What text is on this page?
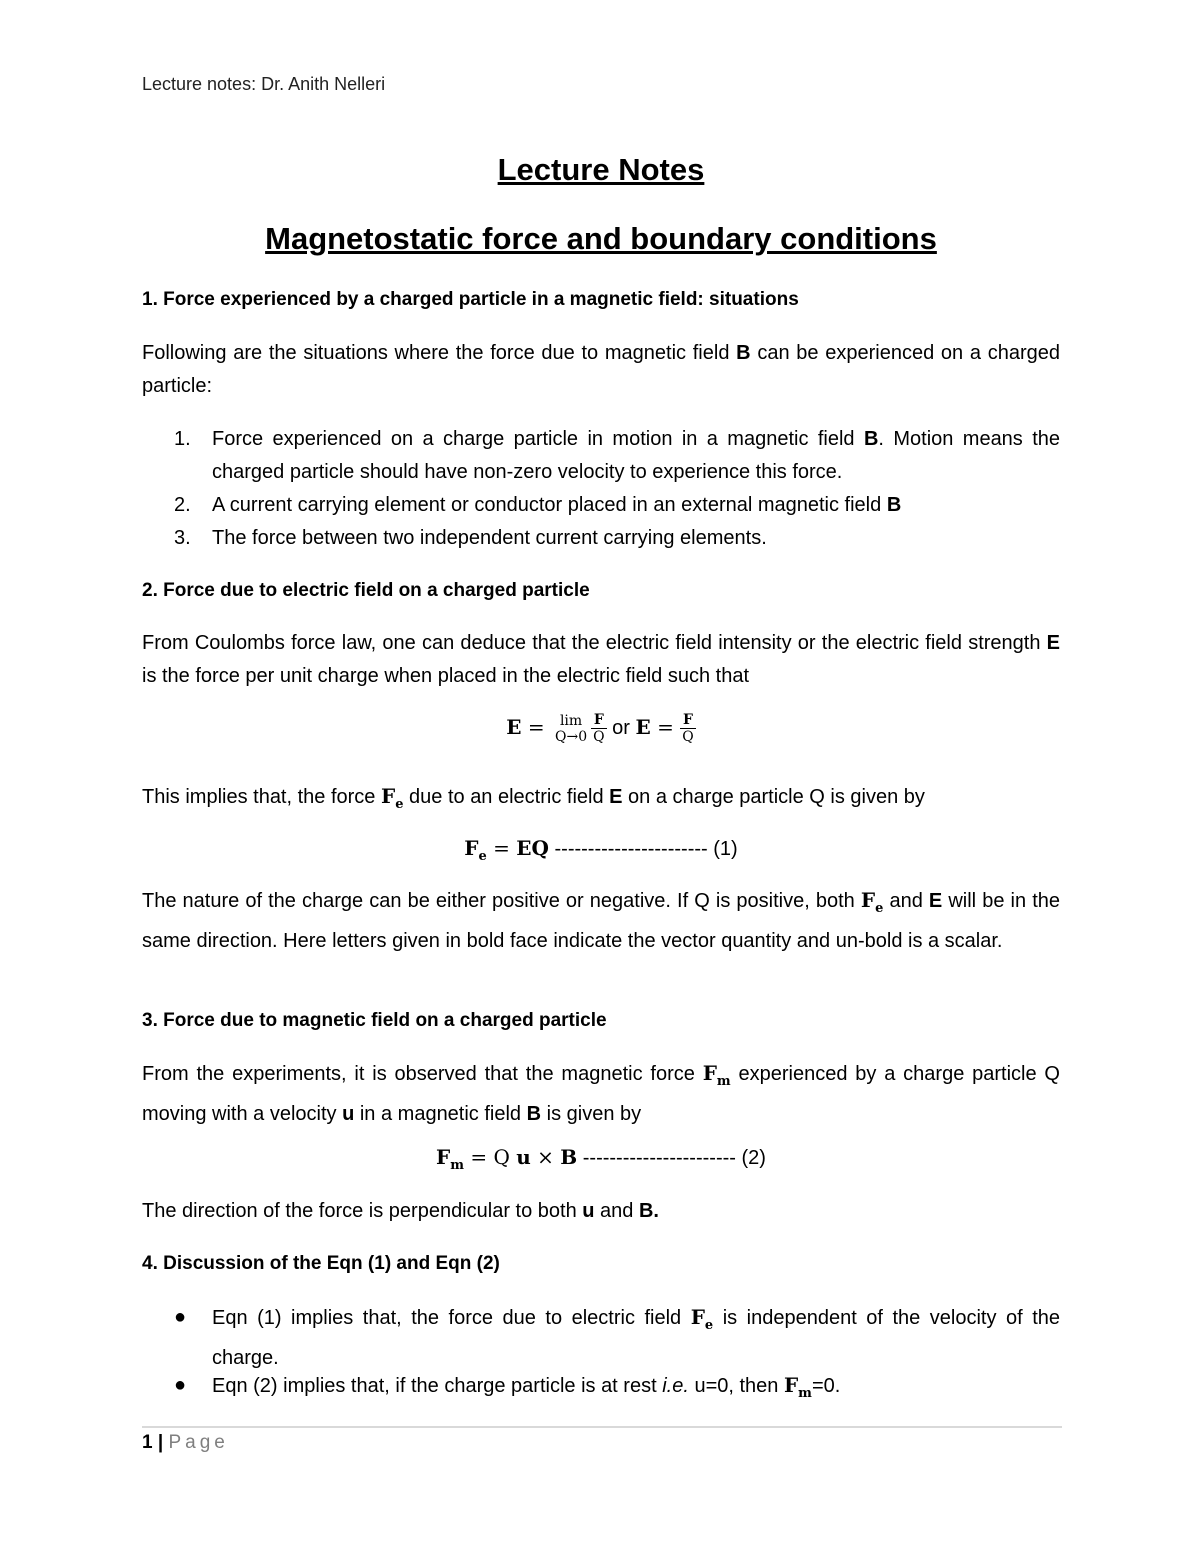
Lecture notes: Dr. Anith Nelleri
Lecture Notes
Magnetostatic force and boundary conditions
1. Force experienced by a charged particle in a magnetic field: situations
Following are the situations where the force due to magnetic field B can be experienced on a charged particle:
1.	Force experienced on a charge particle in motion in a magnetic field B. Motion means the charged particle should have non-zero velocity to experience this force.
2.	A current carrying element or conductor placed in an external magnetic field B
3.	The force between two independent current carrying elements.
2. Force due to electric field on a charged particle
From Coulombs force law, one can deduce that the electric field intensity or the electric field strength E is the force per unit charge when placed in the electric field such that
E = lim
$Q\to 0 \frac{F}{Q}$ or $E = \frac{F}{Q}$
This implies that, the force $F_e$ due to an electric field E on a charge particle Q is given by
$F_e$ = EQ ----------------------- (1)
The nature of the charge can be either positive or negative. If Q is positive, both $F_e$ and E will be in the same direction. Here letters given in bold face indicate the vector quantity and un-bold is a scalar.
3. Force due to magnetic field on a charged particle
From the experiments, it is observed that the magnetic force $F_m$ experienced by a charge particle Q moving with a velocity u in a magnetic field B is given by
$F_m = Q$ u × B ----------------------- (2)
The direction of the force is perpendicular to both u and B.
4. Discussion of the Eqn (1) and Eqn (2)
● Eqn (1) implies that, the force due to electric field $F_e$ is independent of the velocity of the charge.
● Eqn (2) implies that, if the charge particle is at rest i.e. u=0, then $F_m=0$.
1 | Page
